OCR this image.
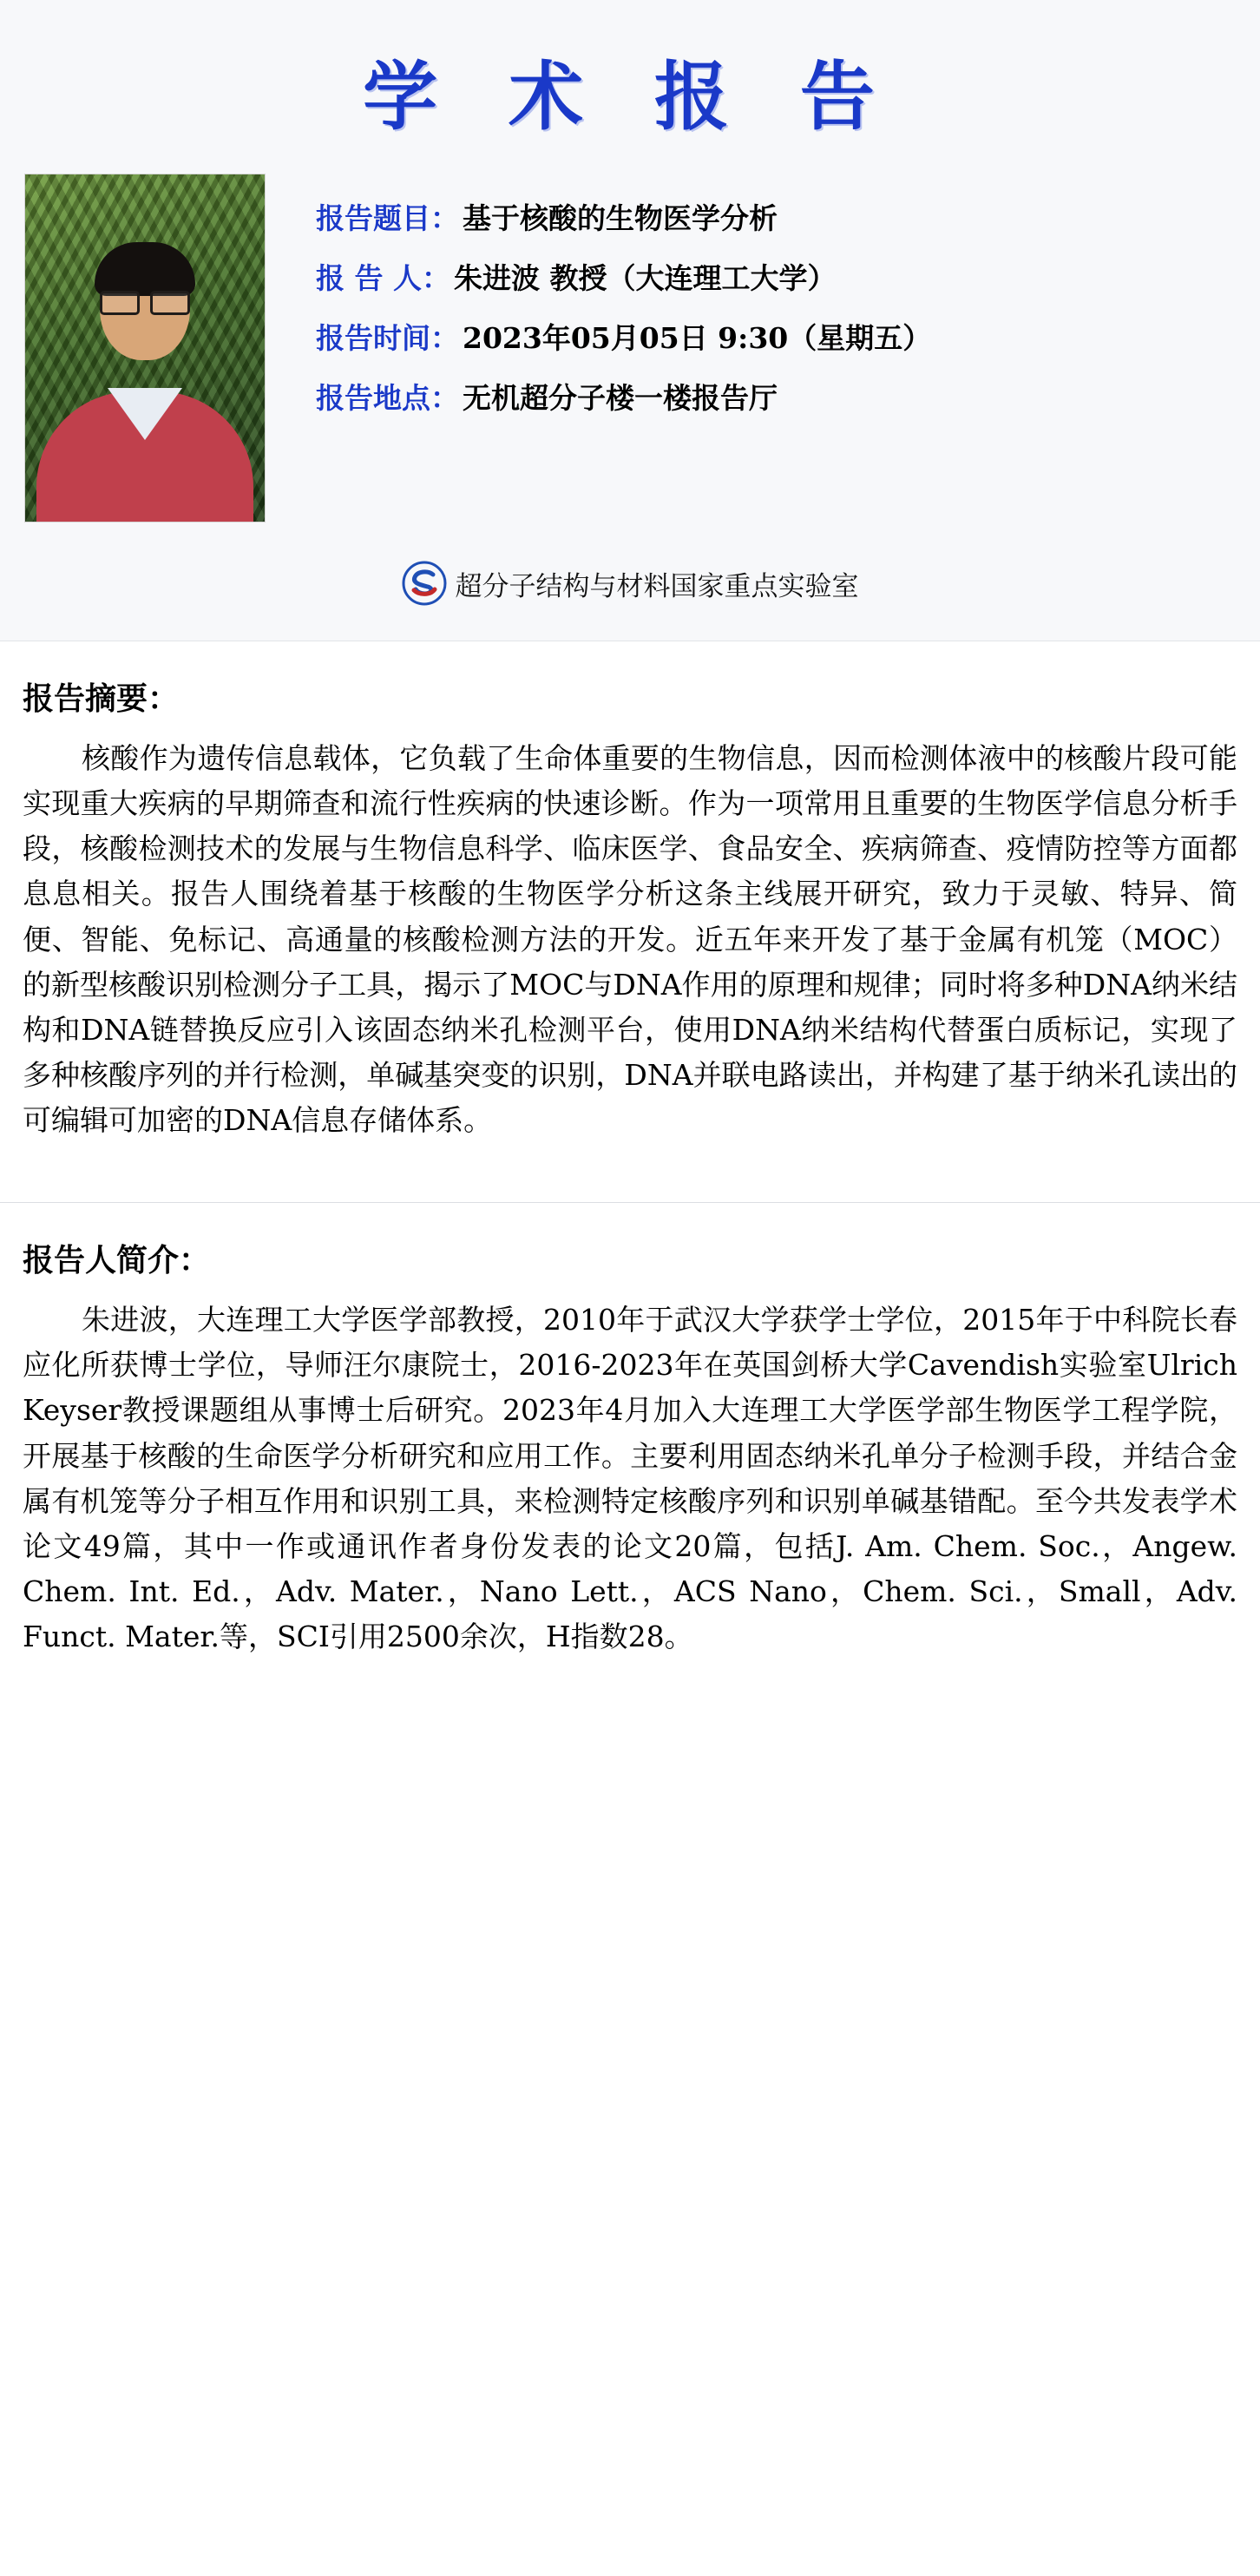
学 术 报 告
报告题目： 基于核酸的生物医学分析
报 告 人： 朱进波 教授（大连理工大学）
报告时间： 2023年05月05日 9:30（星期五）
报告地点： 无机超分子楼一楼报告厅
超分子结构与材料国家重点实验室
报告摘要：
核酸作为遗传信息载体，它负载了生命体重要的生物信息，因而检测体液中的核酸片段可能实现重大疾病的早期筛查和流行性疾病的快速诊断。作为一项常用且重要的生物医学信息分析手段，核酸检测技术的发展与生物信息科学、临床医学、食品安全、疾病筛查、疫情防控等方面都息息相关。报告人围绕着基于核酸的生物医学分析这条主线展开研究，致力于灵敏、特异、简便、智能、免标记、高通量的核酸检测方法的开发。近五年来开发了基于金属有机笼（MOC）的新型核酸识别检测分子工具，揭示了MOC与DNA作用的原理和规律；同时将多种DNA纳米结构和DNA链替换反应引入该固态纳米孔检测平台，使用DNA纳米结构代替蛋白质标记，实现了多种核酸序列的并行检测，单碱基突变的识别，DNA并联电路读出，并构建了基于纳米孔读出的可编辑可加密的DNA信息存储体系。
报告人简介：
朱进波，大连理工大学医学部教授，2010年于武汉大学获学士学位，2015年于中科院长春应化所获博士学位，导师汪尔康院士，2016-2023年在英国剑桥大学Cavendish实验室Ulrich Keyser教授课题组从事博士后研究。2023年4月加入大连理工大学医学部生物医学工程学院，开展基于核酸的生命医学分析研究和应用工作。主要利用固态纳米孔单分子检测手段，并结合金属有机笼等分子相互作用和识别工具，来检测特定核酸序列和识别单碱基错配。至今共发表学术论文49篇，其中一作或通讯作者身份发表的论文20篇，包括J. Am. Chem. Soc.，Angew. Chem. Int. Ed.，Adv. Mater.，Nano Lett.，ACS Nano，Chem. Sci.，Small，Adv. Funct. Mater.等，SCI引用2500余次，H指数28。
